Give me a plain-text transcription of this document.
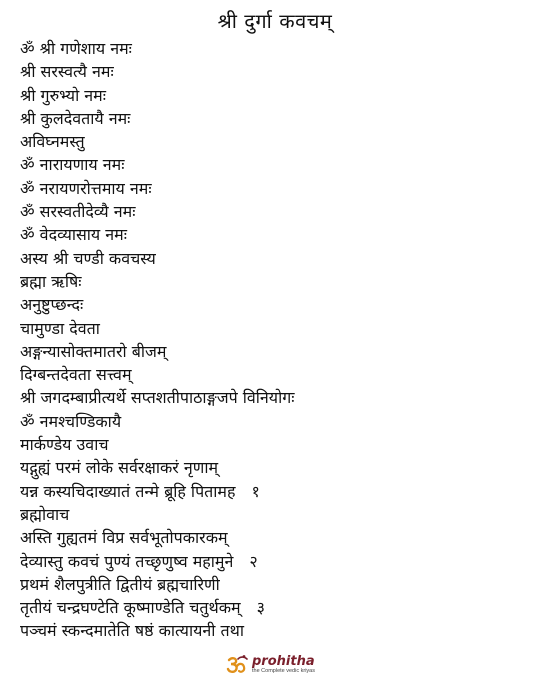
श्री दुर्गा कवचम्
ॐ श्री गणेशाय नमः
श्री सरस्वत्यै नमः
श्री गुरुभ्यो नमः
श्री कुलदेवतायै नमः
अविघ्नमस्तु
ॐ नारायणाय नमः
ॐ नरायणरोत्तमाय नमः
ॐ सरस्वतीदेव्यै नमः
ॐ वेदव्यासाय नमः
अस्य श्री चण्डी कवचस्य
ब्रह्मा ऋषिः
अनुष्टुप्छन्दः
चामुण्डा देवता
अङ्गन्यासोक्तमातरो बीजम्
दिग्बन्तदेवता सत्त्वम्
श्री जगदम्बाप्रीत्यर्थे सप्तशतीपाठाङ्गजपे विनियोगः
ॐ नमश्चण्डिकायै
मार्कण्डेय उवाच
यद्गुह्यं परमं लोके सर्वरक्षाकरं नृणाम्
यन्न कस्यचिदाख्यातं तन्मे ब्रूहि पितामह १
ब्रह्मोवाच
अस्ति गुह्यतमं विप्र सर्वभूतोपकारकम्
देव्यास्तु कवचं पुण्यं तच्छृणुष्व महामुने २
प्रथमं शैलपुत्रीति द्वितीयं ब्रह्मचारिणी
तृतीयं चन्द्रघण्टेति कूष्माण्डेति चतुर्थकम् ३
पञ्चमं स्कन्दमातेति षष्ठं कात्यायनी तथा
prohitha
the Complete vedic kriyas
